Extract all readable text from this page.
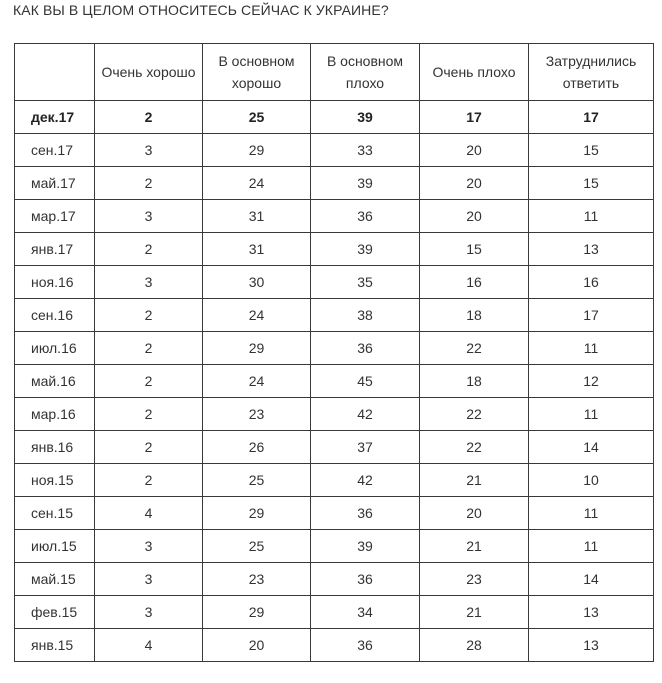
КАК ВЫ В ЦЕЛОМ ОТНОСИТЕСЬ СЕЙЧАС К УКРАИНЕ?
	Очень хорошо	В основном хорошо	В основном плохо	Очень плохо	Затруднились ответить
дек.17	2	25	39	17	17
сен.17	3	29	33	20	15
май.17	2	24	39	20	15
мар.17	3	31	36	20	11
янв.17	2	31	39	15	13
ноя.16	3	30	35	16	16
сен.16	2	24	38	18	17
июл.16	2	29	36	22	11
май.16	2	24	45	18	12
мар.16	2	23	42	22	11
янв.16	2	26	37	22	14
ноя.15	2	25	42	21	10
сен.15	4	29	36	20	11
июл.15	3	25	39	21	11
май.15	3	23	36	23	14
фев.15	3	29	34	21	13
янв.15	4	20	36	28	13
